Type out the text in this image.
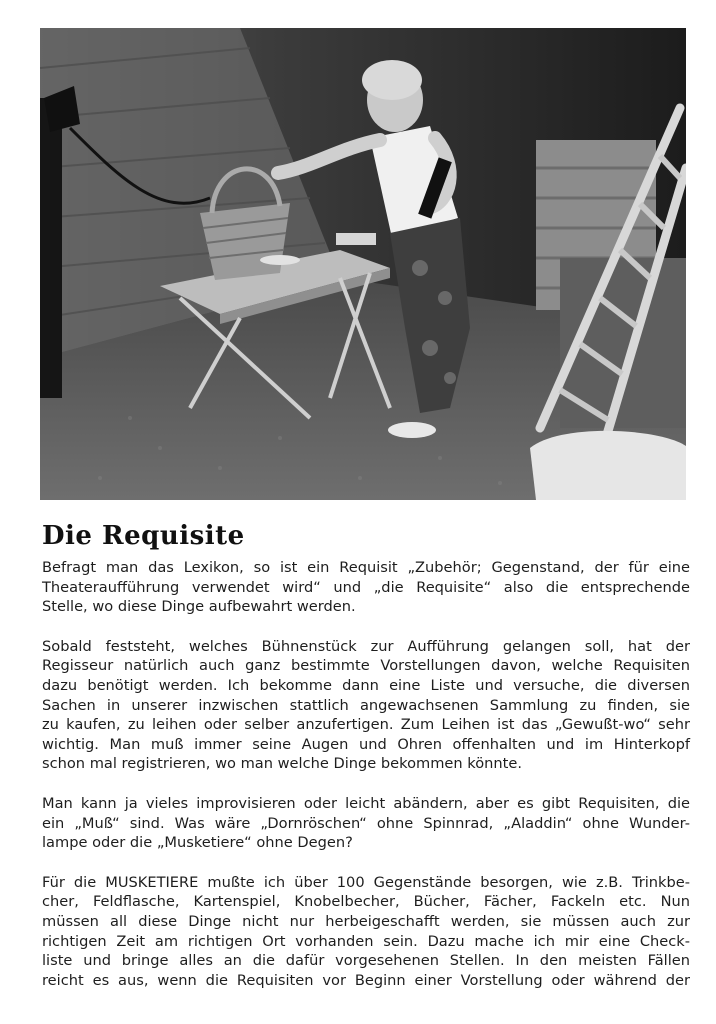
Die Requisite

Befragt man das Lexikon, so ist ein Requisit „Zubehör; Gegenstand, der für eine
Theateraufführung verwendet wird“ und „die Requisite“ also die entsprechende
Stelle, wo diese Dinge aufbewahrt werden.

Sobald feststeht, welches Bühnenstück zur Aufführung gelangen soll, hat der
Regisseur natürlich auch ganz bestimmte Vorstellungen davon, welche Requisiten
dazu benötigt werden. Ich bekomme dann eine Liste und versuche, die diversen
Sachen in unserer inzwischen stattlich angewachsenen Sammlung zu finden, sie
zu kaufen, zu leihen oder selber anzufertigen. Zum Leihen ist das „Gewußt-wo“ sehr
wichtig. Man muß immer seine Augen und Ohren offenhalten und im Hinterkopf
schon mal registrieren, wo man welche Dinge bekommen könnte.

Man kann ja vieles improvisieren oder leicht abändern, aber es gibt Requisiten, die
ein „Muß“ sind. Was wäre „Dornröschen“ ohne Spinnrad, „Aladdin“ ohne Wunder-
lampe oder die „Musketiere“ ohne Degen?

Für die MUSKETIERE mußte ich über 100 Gegenstände besorgen, wie z.B. Trinkbe-
cher, Feldflasche, Kartenspiel, Knobelbecher, Bücher, Fächer, Fackeln etc. Nun
müssen all diese Dinge nicht nur herbeigeschafft werden, sie müssen auch zur
richtigen Zeit am richtigen Ort vorhanden sein. Dazu mache ich mir eine Check-
liste und bringe alles an die dafür vorgesehenen Stellen. In den meisten Fällen
reicht es aus, wenn die Requisiten vor Beginn einer Vorstellung oder während der
